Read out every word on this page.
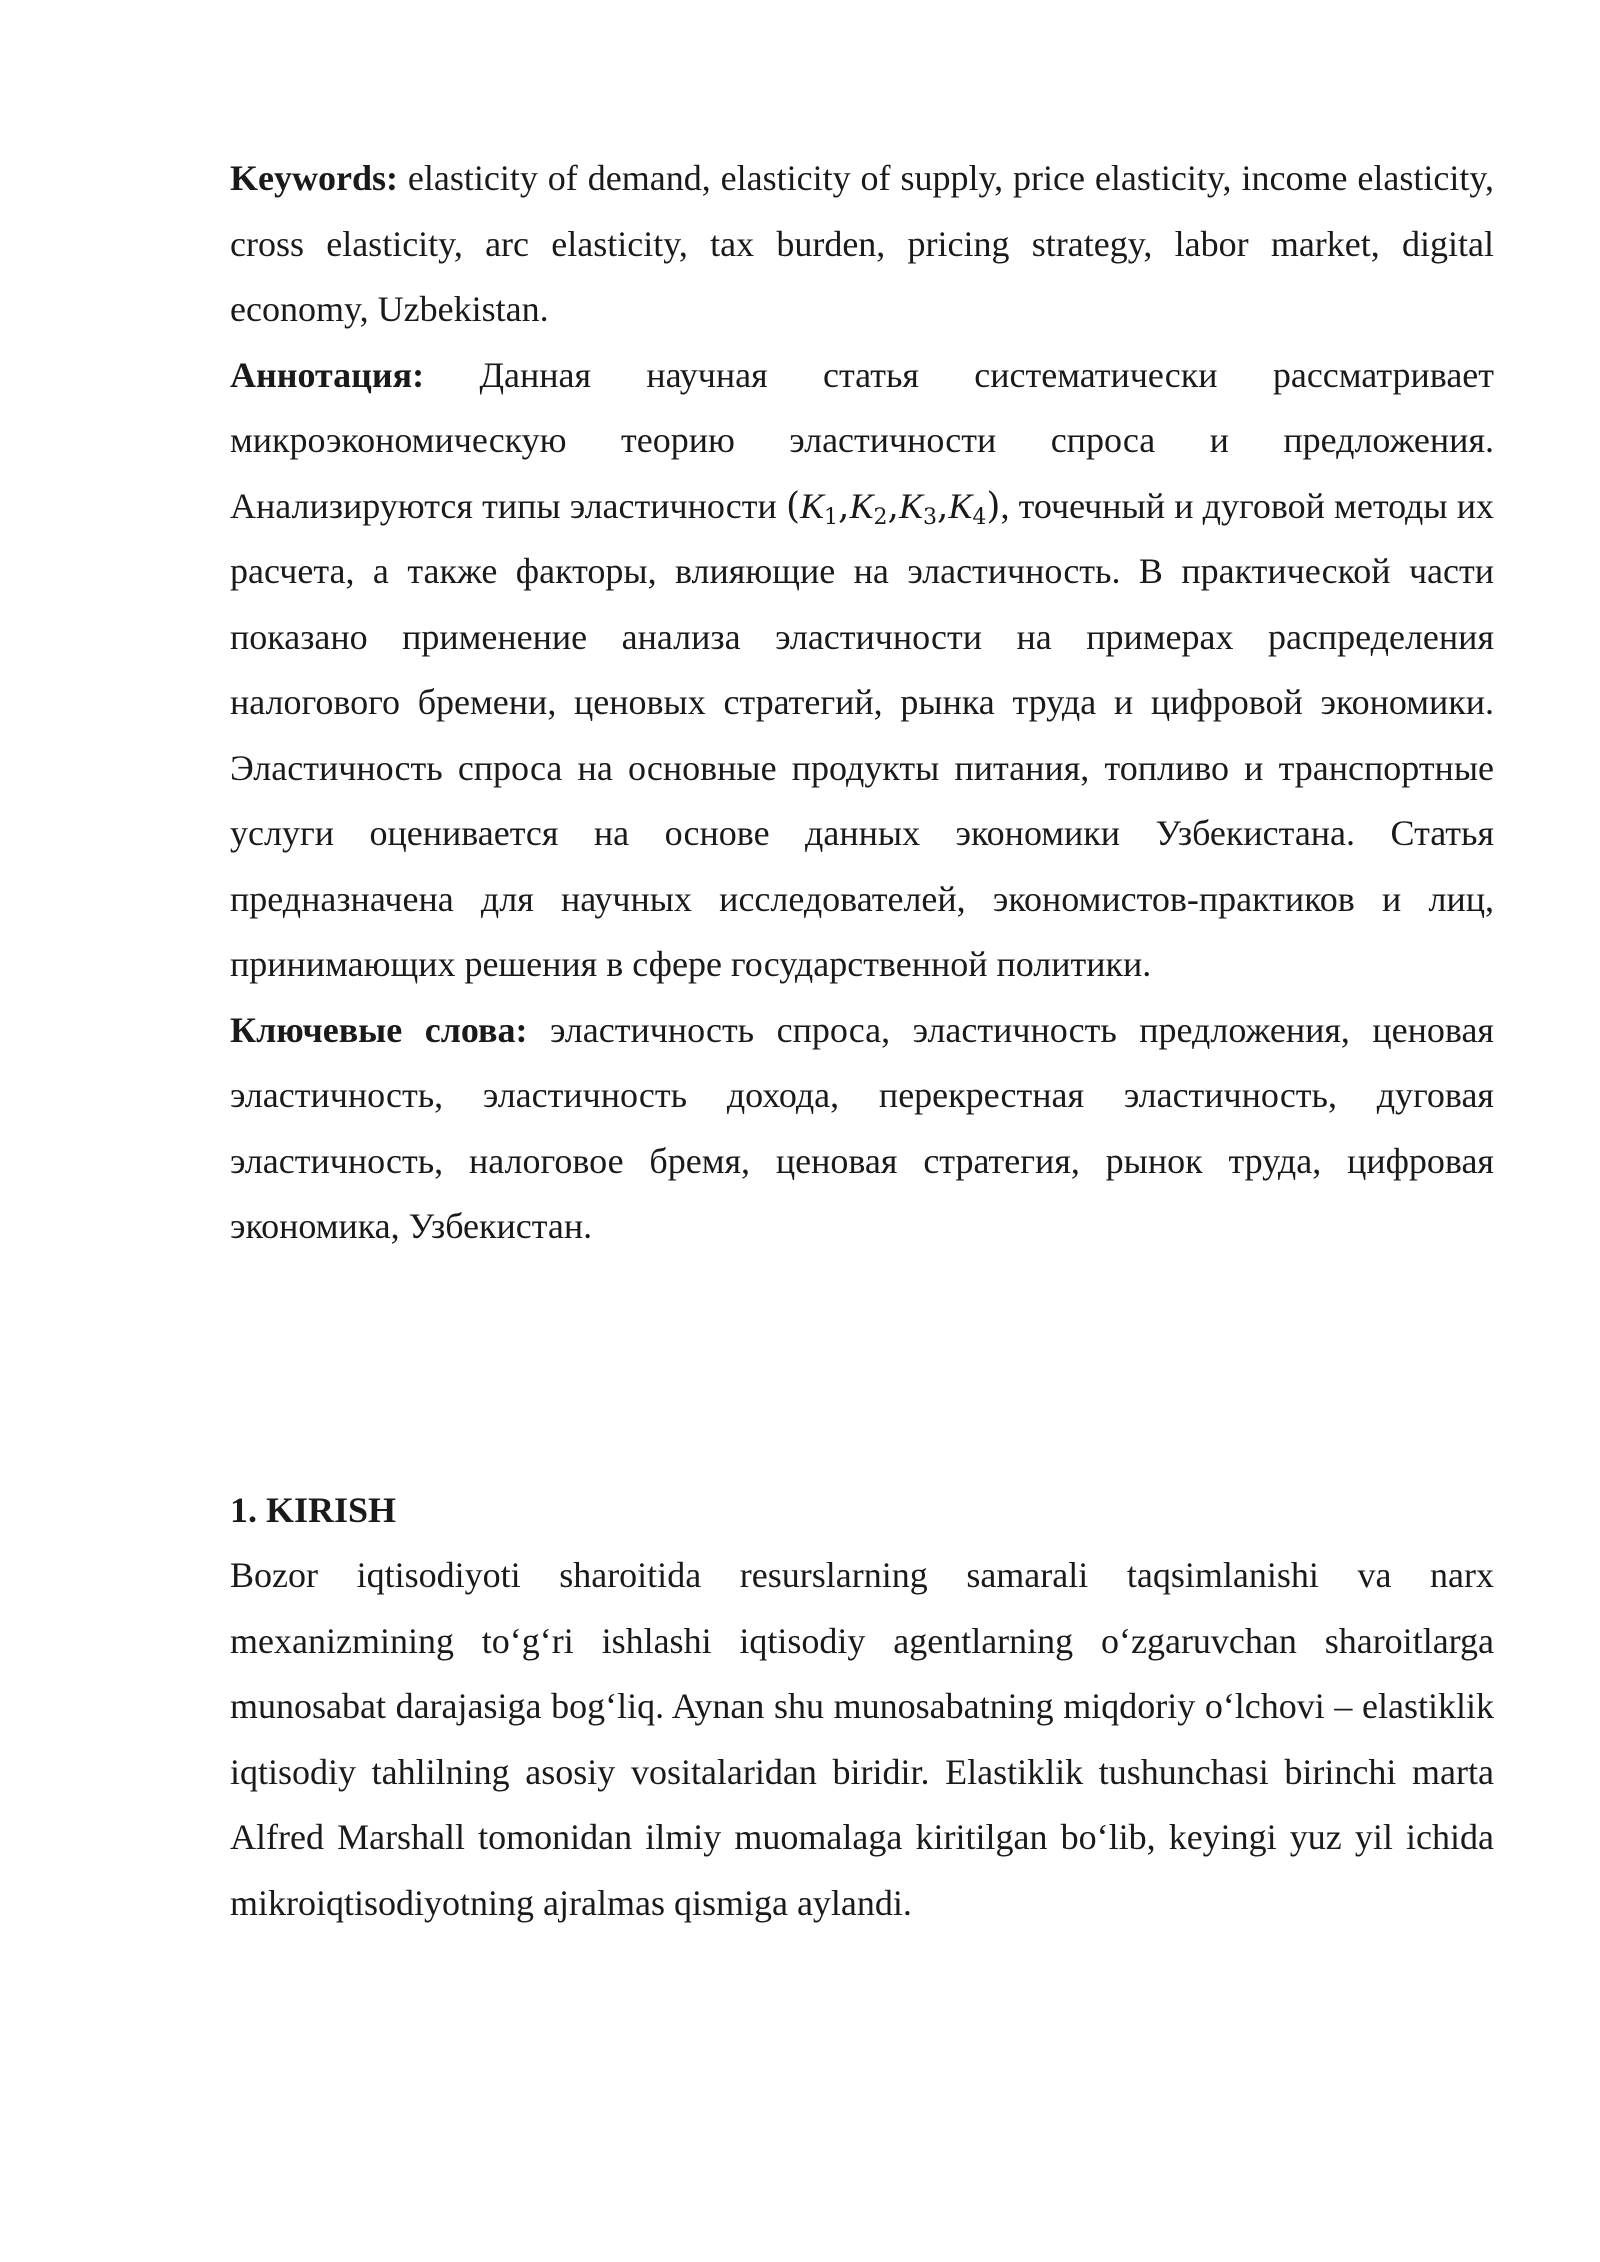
Keywords: elasticity of demand, elasticity of supply, price elasticity, income elasticity, cross elasticity, arc elasticity, tax burden, pricing strategy, labor market, digital economy, Uzbekistan.

Аннотация: Данная научная статья систематически рассматривает микроэкономическую теорию эластичности спроса и предложения. Анализируются типы эластичности $(K_1,K_2,K_3,K_4)$, точечный и дуговой методы их расчета, а также факторы, влияющие на эластичность. В практической части показано применение анализа эластичности на примерах распределения налогового бремени, ценовых стратегий, рынка труда и цифровой экономики. Эластичность спроса на основные продукты питания, топливо и транспортные услуги оценивается на основе данных экономики Узбекистана. Статья предназначена для научных исследователей, экономистов-практиков и лиц, принимающих решения в сфере государственной политики.

Ключевые слова: эластичность спроса, эластичность предложения, ценовая эластичность, эластичность дохода, перекрестная эластичность, дуговая эластичность, налоговое бремя, ценовая стратегия, рынок труда, цифровая экономика, Узбекистан.

1. KIRISH

Bozor iqtisodiyoti sharoitida resurslarning samarali taqsimlanishi va narx mexanizmining to‘g‘ri ishlashi iqtisodiy agentlarning o‘zgaruvchan sharoitlarga munosabat darajasiga bog‘liq. Aynan shu munosabatning miqdoriy o‘lchovi – elastiklik iqtisodiy tahlilning asosiy vositalaridan biridir. Elastiklik tushunchasi birinchi marta Alfred Marshall tomonidan ilmiy muomalaga kiritilgan bo‘lib, keyingi yuz yil ichida mikroiqtisodiyotning ajralmas qismiga aylandi.
